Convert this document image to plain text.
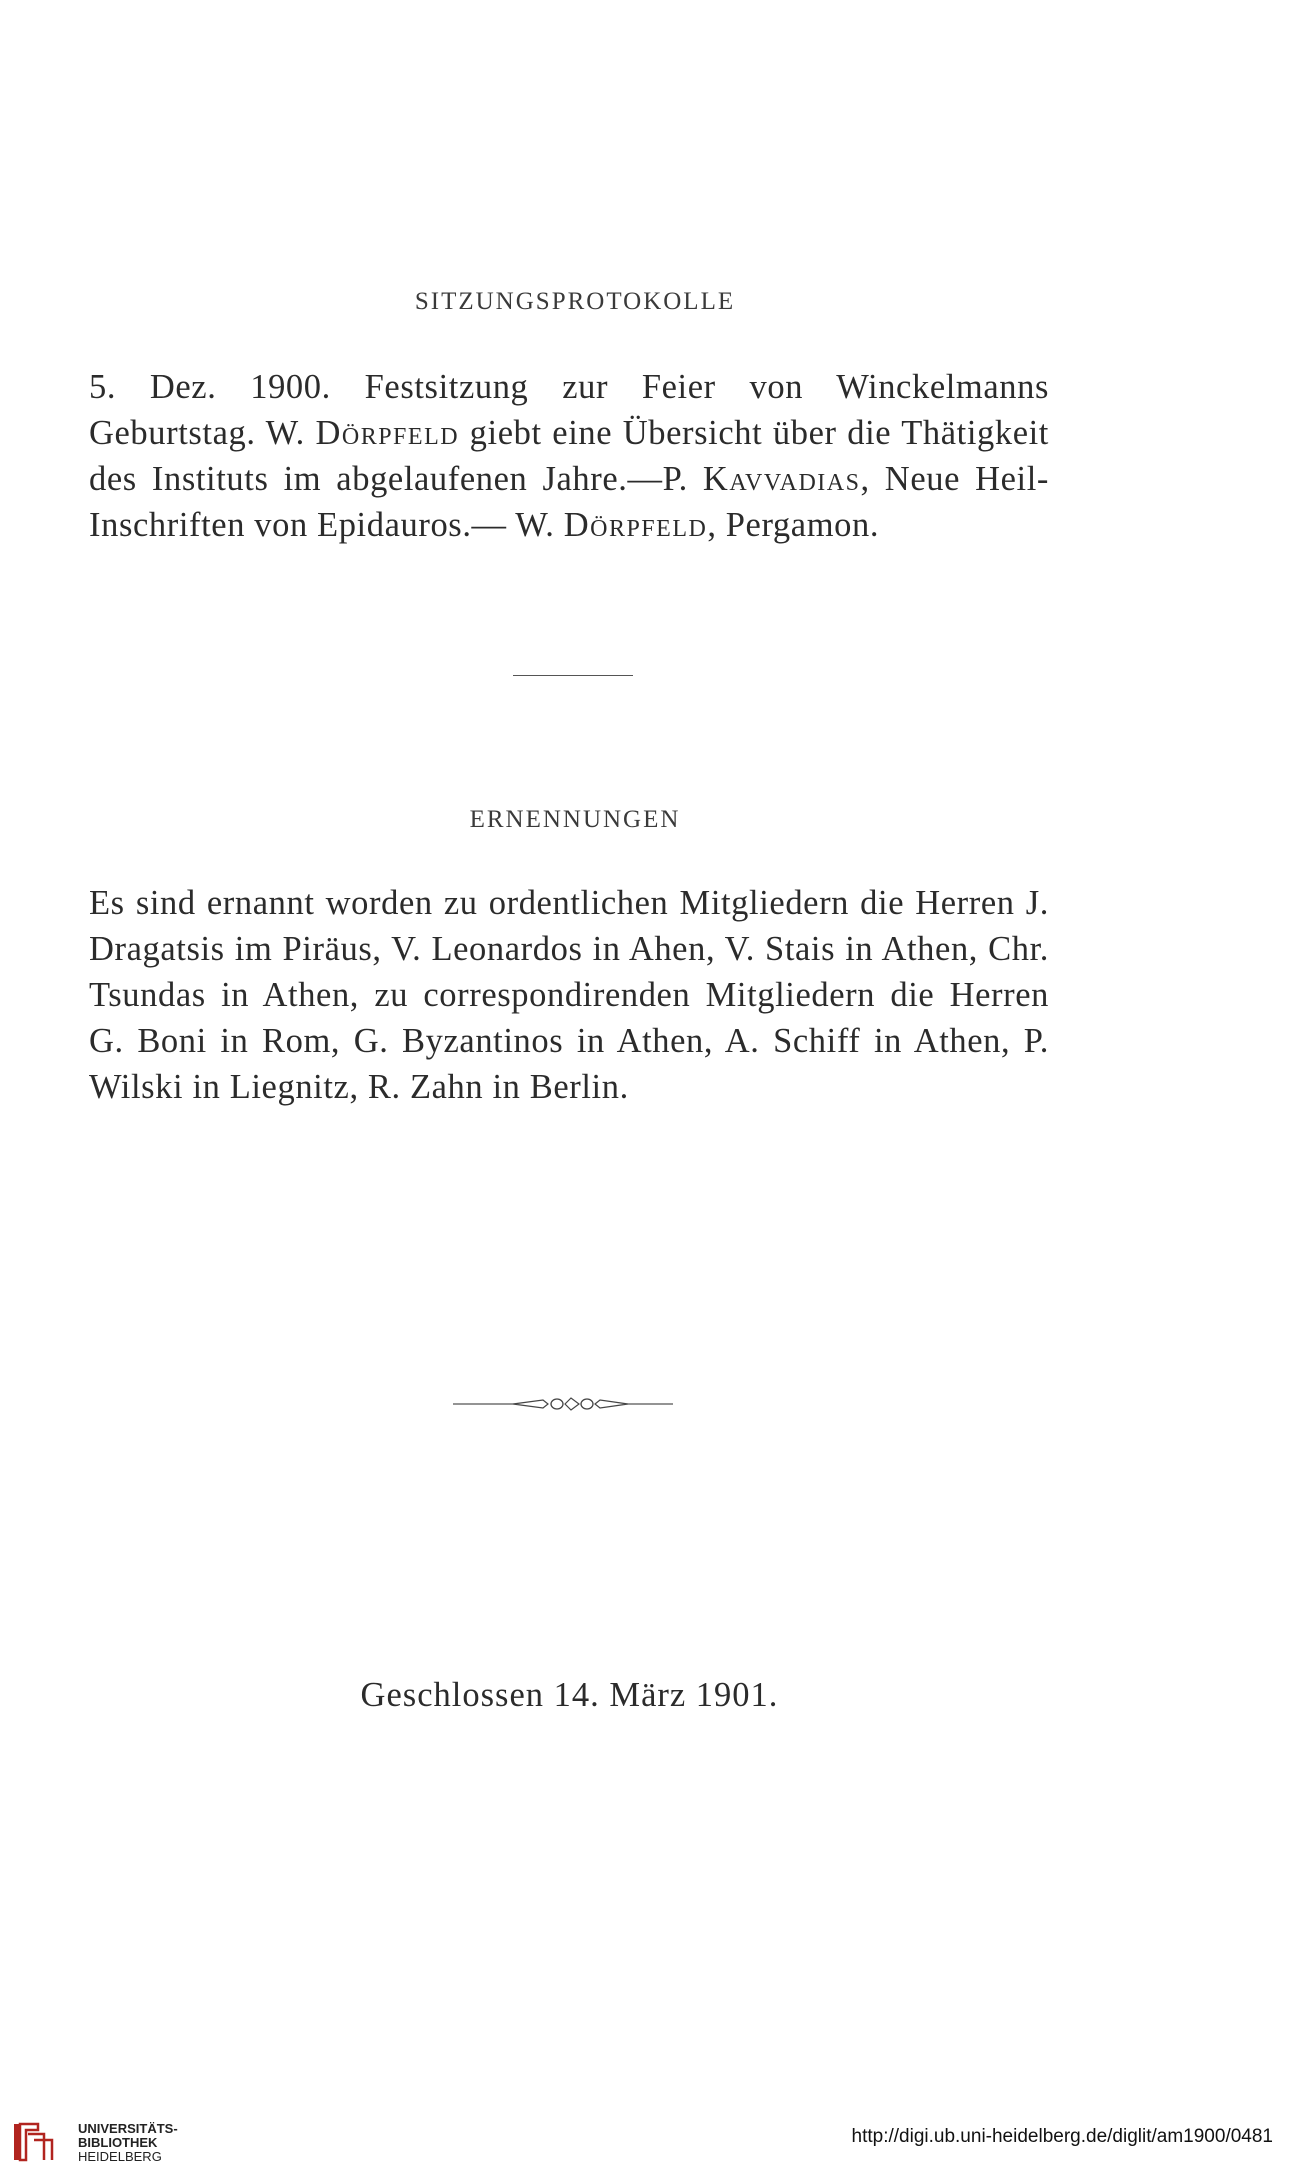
SITZUNGSPROTOKOLLE

5. Dez. 1900. Festsitzung zur Feier von Winckelmanns Geburtstag. W. Dörpfeld giebt eine Übersicht über die Thätigkeit des Instituts im abgelaufenen Jahre.—P. Kavvadias, Neue Heil-Inschriften von Epidauros.— W. Dörpfeld, Pergamon.

ERNENNUNGEN

Es sind ernannt worden zu ordentlichen Mitgliedern die Herren J. Dragatsis im Piräus, V. Leonardos in Ahen, V. Stais in Athen, Chr. Tsundas in Athen, zu correspondirenden Mitgliedern die Herren G. Boni in Rom, G. Byzantinos in Athen, A. Schiff in Athen, P. Wilski in Liegnitz, R. Zahn in Berlin.

Geschlossen 14. März 1901.
UNIVERSITÄTS-
BIBLIOTHEK
HEIDELBERG
http://digi.ub.uni-heidelberg.de/diglit/am1900/0481
